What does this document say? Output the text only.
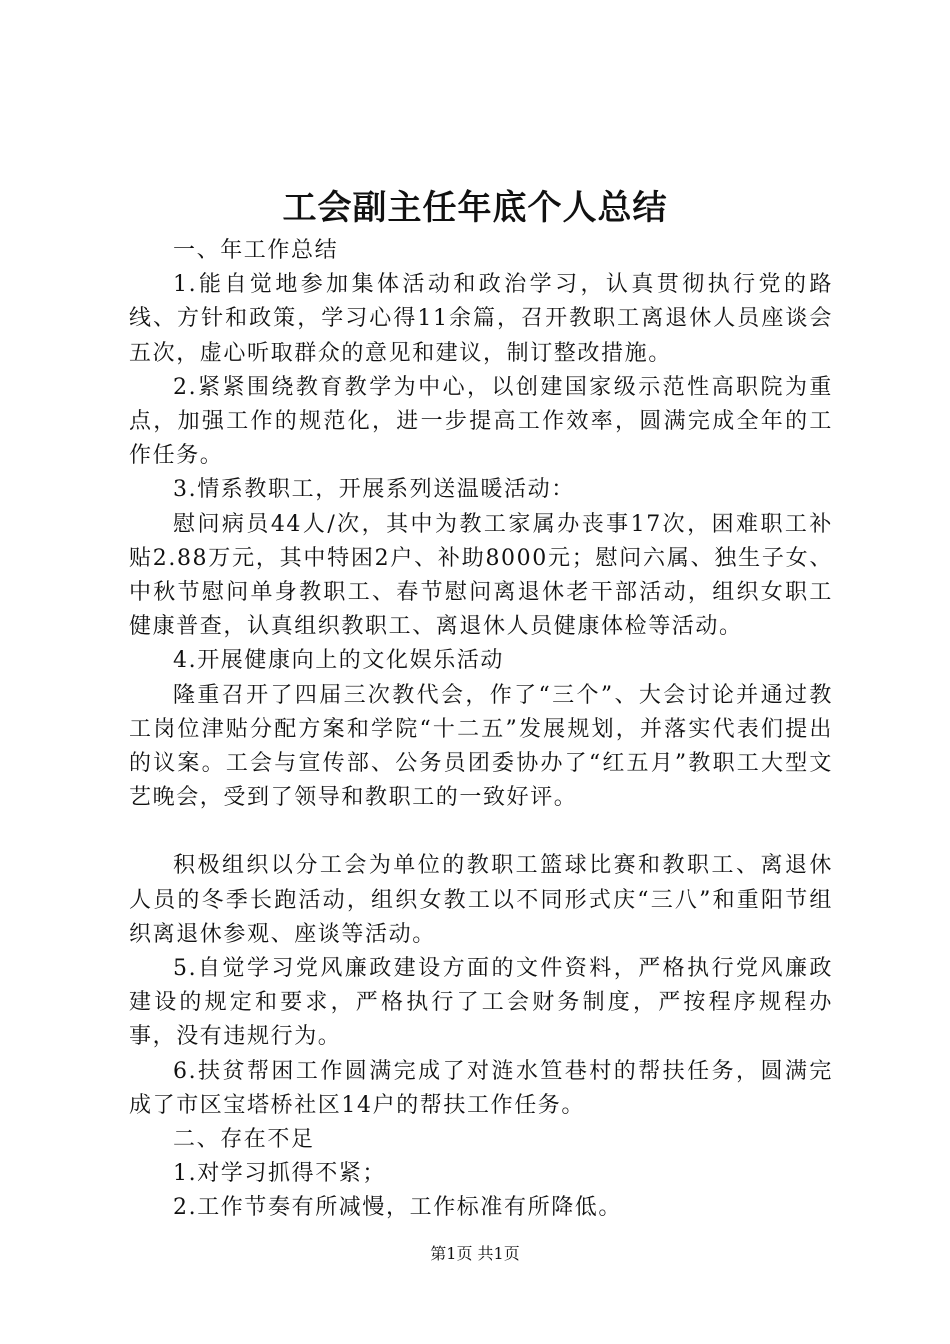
工会副主任年底个人总结

一、年工作总结

1.能自觉地参加集体活动和政治学习，认真贯彻执行党的路线、方针和政策，学习心得11余篇，召开教职工离退休人员座谈会五次，虚心听取群众的意见和建议，制订整改措施。

2.紧紧围绕教育教学为中心，以创建国家级示范性高职院为重点，加强工作的规范化，进一步提高工作效率，圆满完成全年的工作任务。

3.情系教职工，开展系列送温暖活动：

慰问病员44人/次，其中为教工家属办丧事17次，困难职工补贴2.88万元，其中特困2户、补助8000元；慰问六属、独生子女、中秋节慰问单身教职工、春节慰问离退休老干部活动，组织女职工健康普查，认真组织教职工、离退休人员健康体检等活动。

4.开展健康向上的文化娱乐活动

隆重召开了四届三次教代会，作了“三个”、大会讨论并通过教工岗位津贴分配方案和学院“十二五”发展规划，并落实代表们提出的议案。工会与宣传部、公务员团委协办了“红五月”教职工大型文艺晚会，受到了领导和教职工的一致好评。

积极组织以分工会为单位的教职工篮球比赛和教职工、离退休人员的冬季长跑活动，组织女教工以不同形式庆“三八”和重阳节组织离退休参观、座谈等活动。

5.自觉学习党风廉政建设方面的文件资料，严格执行党风廉政建设的规定和要求，严格执行了工会财务制度，严按程序规程办事，没有违规行为。

6.扶贫帮困工作圆满完成了对涟水笪巷村的帮扶任务，圆满完成了市区宝塔桥社区14户的帮扶工作任务。

二、存在不足

1.对学习抓得不紧；

2.工作节奏有所减慢，工作标准有所降低。

第1页 共1页
